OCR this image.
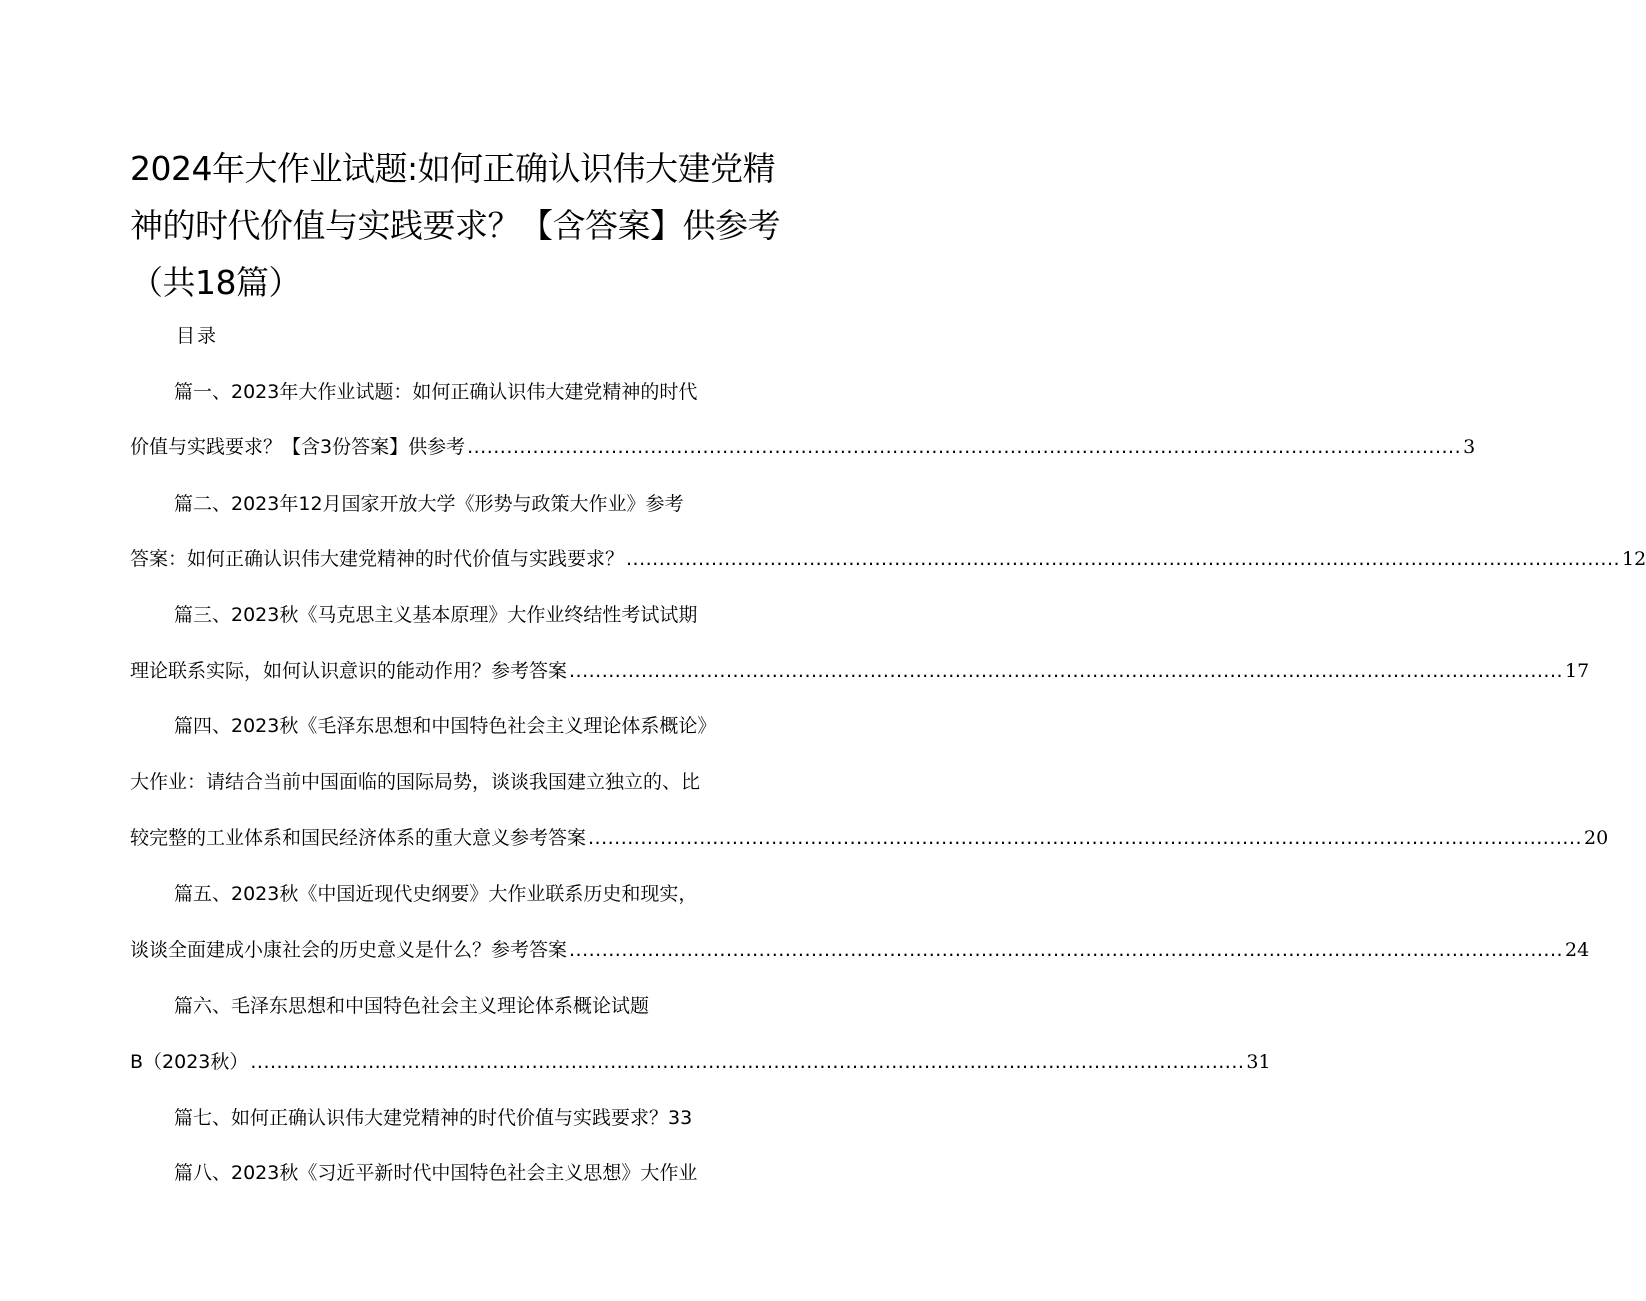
2024年大作业试题:如何正确认识伟大建党精
神的时代价值与实践要求？【含答案】供参考
（共18篇）
目录
篇一、2023年大作业试题：如何正确认识伟大建党精神的时代
价值与实践要求？【含3份答案】供参考 ........................................................................................................................................................ 3
篇二、2023年12月国家开放大学《形势与政策大作业》参考
答案：如何正确认识伟大建党精神的时代价值与实践要求？ ........................................................................................................................................................ 12
篇三、2023秋《马克思主义基本原理》大作业终结性考试试期
理论联系实际，如何认识意识的能动作用？参考答案 ........................................................................................................................................................ 17
篇四、2023秋《毛泽东思想和中国特色社会主义理论体系概论》
大作业：请结合当前中国面临的国际局势，谈谈我国建立独立的、比
较完整的工业体系和国民经济体系的重大意义参考答案 ........................................................................................................................................................ 20
篇五、2023秋《中国近现代史纲要》大作业联系历史和现实，
谈谈全面建成小康社会的历史意义是什么？参考答案 ........................................................................................................................................................ 24
篇六、毛泽东思想和中国特色社会主义理论体系概论试题
B（2023秋） ........................................................................................................................................................ 31
篇七、如何正确认识伟大建党精神的时代价值与实践要求？33
篇八、2023秋《习近平新时代中国特色社会主义思想》大作业
